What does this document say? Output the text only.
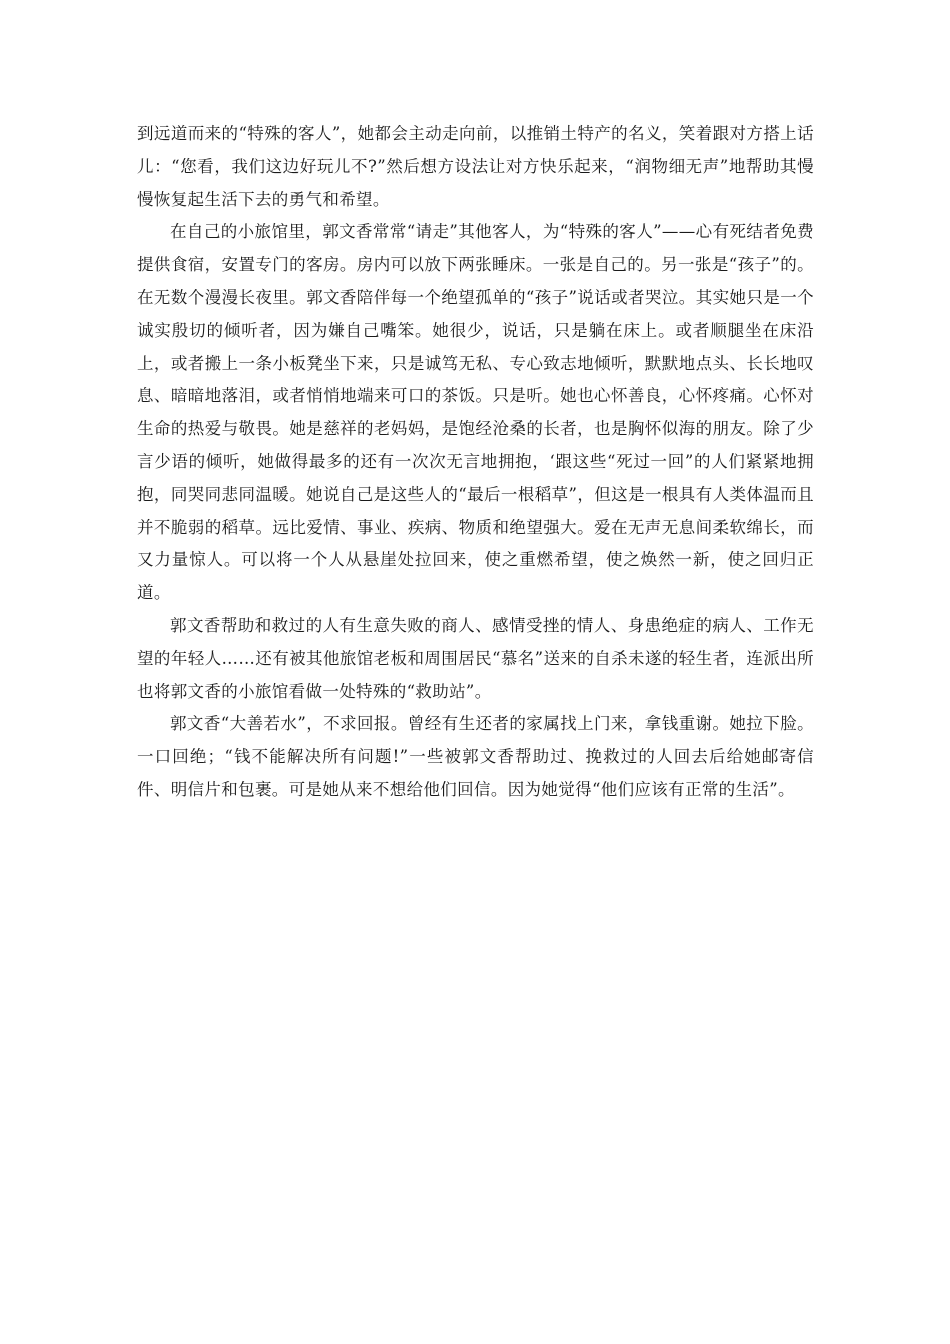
到远道而来的“特殊的客人”，她都会主动走向前，以推销土特产的名义，笑着跟对方搭上话儿：“您看，我们这边好玩儿不?”然后想方设法让对方快乐起来，“润物细无声”地帮助其慢慢恢复起生活下去的勇气和希望。

在自己的小旅馆里，郭文香常常“请走”其他客人，为“特殊的客人”——心有死结者免费提供食宿，安置专门的客房。房内可以放下两张睡床。一张是自己的。另一张是“孩子”的。在无数个漫漫长夜里。郭文香陪伴每一个绝望孤单的“孩子”说话或者哭泣。其实她只是一个诚实殷切的倾听者，因为嫌自己嘴笨。她很少，说话，只是躺在床上。或者顺腿坐在床沿上，或者搬上一条小板凳坐下来，只是诚笃无私、专心致志地倾听，默默地点头、长长地叹息、暗暗地落泪，或者悄悄地端来可口的茶饭。只是听。她也心怀善良，心怀疼痛。心怀对生命的热爱与敬畏。她是慈祥的老妈妈，是饱经沧桑的长者，也是胸怀似海的朋友。除了少言少语的倾听，她做得最多的还有一次次无言地拥抱，‘跟这些“死过一回”的人们紧紧地拥抱，同哭同悲同温暖。她说自己是这些人的“最后一根稻草”，但这是一根具有人类体温而且并不脆弱的稻草。远比爱情、事业、疾病、物质和绝望强大。爱在无声无息间柔软绵长，而又力量惊人。可以将一个人从悬崖处拉回来，使之重燃希望，使之焕然一新，使之回归正道。

郭文香帮助和救过的人有生意失败的商人、感情受挫的情人、身患绝症的病人、工作无望的年轻人……还有被其他旅馆老板和周围居民“慕名”送来的自杀未遂的轻生者，连派出所也将郭文香的小旅馆看做一处特殊的“救助站”。

郭文香“大善若水”，不求回报。曾经有生还者的家属找上门来，拿钱重谢。她拉下脸。一口回绝；“钱不能解决所有问题!”一些被郭文香帮助过、挽救过的人回去后给她邮寄信件、明信片和包裹。可是她从来不想给他们回信。因为她觉得“他们应该有正常的生活”。
